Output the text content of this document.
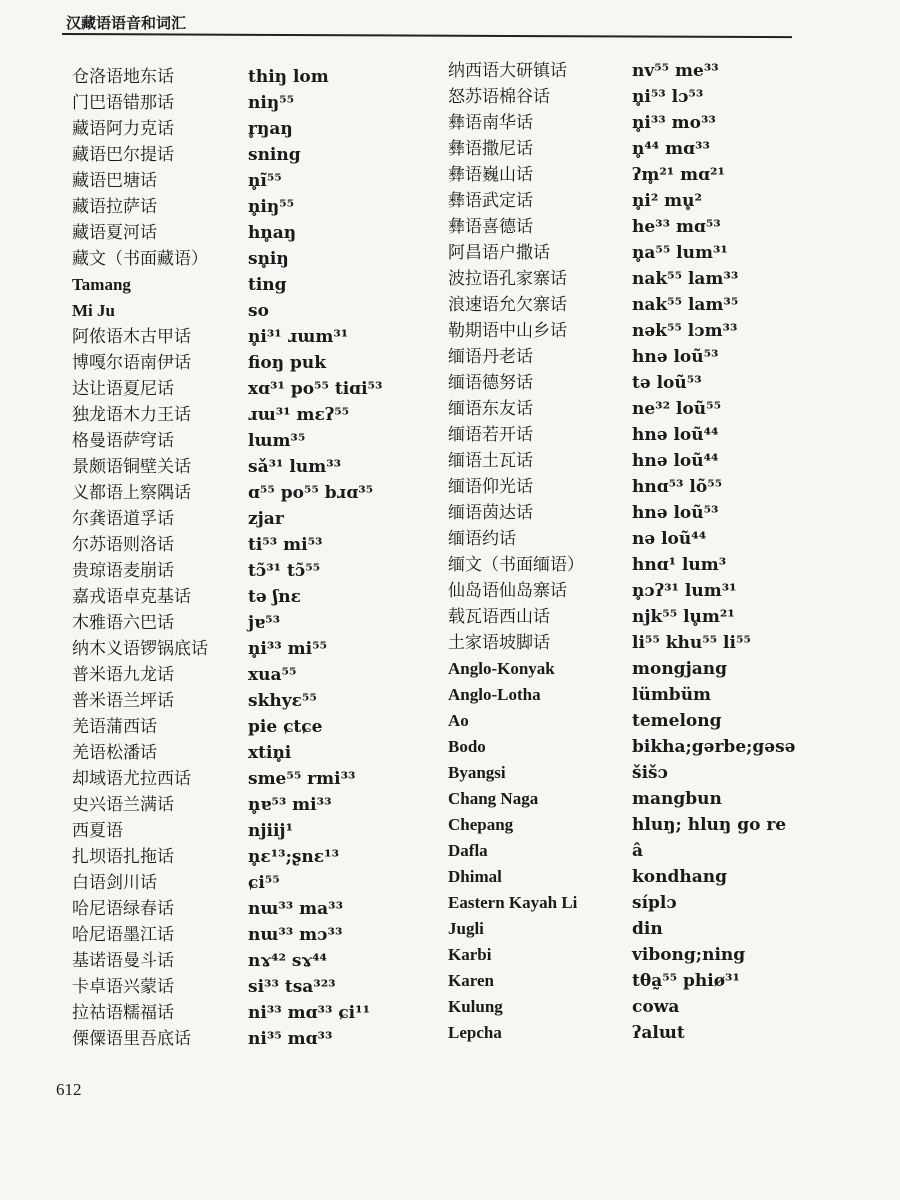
汉藏语语音和词汇
仓洛语地东话
门巴语错那话
藏语阿力克话
藏语巴尔提话
藏语巴塘话
藏语拉萨话
藏语夏河话
藏文（书面藏语）
Tamang
Mi Ju
阿侬语木古甲话
博嘎尔语南伊话
达让语夏尼话
独龙语木力王话
格曼语萨穹话
景颇语铜壁关话
义都语上察隅话
尔龚语道孚话
尔苏语则洛话
贵琼语麦崩话
嘉戎语卓克基话
木雅语六巴话
纳木义语锣锅底话
普米语九龙话
普米语兰坪话
羌语蒲西话
羌语松潘话
却域语尤拉西话
史兴语兰满话
西夏语
扎坝语扎拖话
白语剑川话
哈尼语绿春话
哈尼语墨江话
基诺语曼斗话
卡卓语兴蒙话
拉祜语糯福话
傈僳语里吾底话
thiŋ lom
niŋ⁵⁵
r̥ŋaŋ
sning
n̥ĩ⁵⁵
n̥iŋ⁵⁵
hn̥aŋ
sn̥iŋ
ting
so
n̥i³¹ ɹɯm³¹
fioŋ puk
xɑ³¹ po⁵⁵ tiɑi⁵³
ɹɯ³¹ mɛʔ⁵⁵
lɯm³⁵
sǎ³¹ lum³³
ɑ⁵⁵ po⁵⁵ bɹɑ³⁵
zjar
ti⁵³ mi⁵³
tɔ̃³¹ tɔ̃⁵⁵
tə ʃnɛ
jɐ⁵³
n̥i³³ mi⁵⁵
xua⁵⁵
skhyɛ⁵⁵
pie ɕtɕe
xtin̥i
sme⁵⁵ rmi³³
n̥ɐ⁵³ mi³³
njiij¹
n̥ɛ¹³;ʂnɛ¹³
ɕi⁵⁵
nɯ³³ ma³³
nɯ³³ mɔ³³
nɤ⁴² sɤ⁴⁴
si³³ tsa³²³
ni³³ mɑ³³ ɕi¹¹
ni³⁵ mɑ³³
纳西语大研镇话
怒苏语棉谷话
彝语南华话
彝语撒尼话
彝语巍山话
彝语武定话
彝语喜德话
阿昌语户撒话
波拉语孔家寨话
浪速语允欠寨话
勒期语中山乡话
缅语丹老话
缅语德努话
缅语东友话
缅语若开话
缅语土瓦话
缅语仰光话
缅语茵达话
缅语约话
缅文（书面缅语）
仙岛语仙岛寨话
载瓦语西山话
土家语坡脚话
Anglo-Konyak
Anglo-Lotha
Ao
Bodo
Byangsi
Chang Naga
Chepang
Dafla
Dhimal
Eastern Kayah Li
Jugli
Karbi
Karen
Kulung
Lepcha
nv⁵⁵ me³³
n̥i⁵³ lɔ⁵³
n̥i³³ mo³³
n̥⁴⁴ mɑ³³
ʔm̥²¹ mɑ²¹
n̥i² mu̥²
he³³ mɑ⁵³
n̥a⁵⁵ lum³¹
nak⁵⁵ lam³³
nak⁵⁵ lam³⁵
nək⁵⁵ lɔm³³
hnə loũ⁵³
tə loũ⁵³
ne³² loũ⁵⁵
hnə loũ⁴⁴
hnə loũ⁴⁴
hnɑ⁵³ lõ⁵⁵
hnə loũ⁵³
nə loũ⁴⁴
hnɑ¹ lum³
n̥ɔʔ³¹ lum³¹
njk⁵⁵ lu̥m²¹
li⁵⁵ khu⁵⁵ li⁵⁵
mongjang
lümbüm
temelong
bikha;gərbe;gəsə
šišɔ
mangbun
hluŋ; hluŋ go re
â
kondhang
síplɔ
din
vibong;ning
tθa̰⁵⁵ phiø³¹
cowa
ʔalɯt
612
